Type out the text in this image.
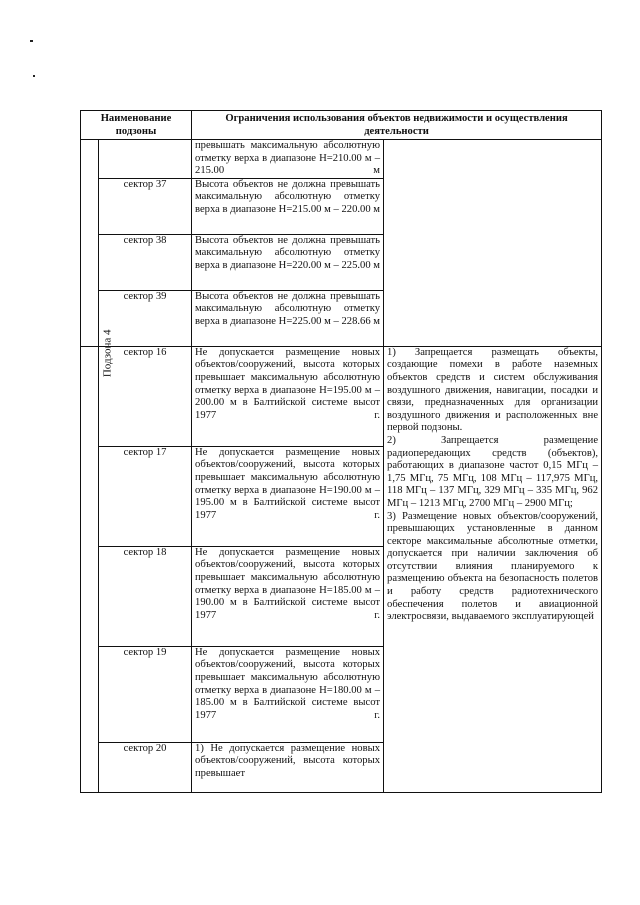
Наименование подзоны		Ограничения использования объектов недвижимости и осуществления деятельности	
		превышать максимальную абсолютную отметку верха в диапазоне Н=210.00 м – 215.00 м	
	сектор 37	Высота объектов не должна превышать максимальную абсолютную отметку верха в диапазоне Н=215.00 м – 220.00 м	
	сектор 38	Высота объектов не должна превышать максимальную абсолютную отметку верха в диапазоне Н=220.00 м – 225.00 м	
	сектор 39	Высота объектов не должна превышать максимальную абсолютную отметку верха в диапазоне Н=225.00 м – 228.66 м	
Подзона 4	сектор 16	Не допускается размещение новых объектов/сооружений, высота которых превышает максимальную абсолютную отметку верха в диапазоне Н=195.00 м – 200.00 м в Балтийской системе высот 1977 г.	1) Запрещается размещать объекты, создающие помехи в работе наземных объектов средств и систем обслуживания воздушного движения, навигации, посадки и связи, предназначенных для организации воздушного движения и расположенных вне первой подзоны.
2) Запрещается размещение радиопередающих средств (объектов), работающих в диапазоне частот 0,15 МГц – 1,75 МГц, 75 МГц, 108 МГц – 117,975 МГц, 118 МГц – 137 МГц, 329 МГц – 335 МГц, 962 МГц – 1213 МГц, 2700 МГц – 2900 МГц;
3) Размещение новых объектов/сооружений, превышающих установленные в данном секторе максимальные абсолютные отметки, допускается при наличии заключения об отсутствии влияния планируемого к размещению объекта на безопасность полетов и работу средств радиотехнического обеспечения полетов и авиационной электросвязи, выдаваемого эксплуатирующей

	сектор 17	Не допускается размещение новых объектов/сооружений, высота которых превышает максимальную абсолютную отметку верха в диапазоне Н=190.00 м – 195.00 м в Балтийской системе высот 1977 г.	
	сектор 18	Не допускается размещение новых объектов/сооружений, высота которых превышает максимальную абсолютную отметку верха в диапазоне Н=185.00 м – 190.00 м в Балтийской системе высот 1977 г.	
	сектор 19	Не допускается размещение новых объектов/сооружений, высота которых превышает максимальную абсолютную отметку верха в диапазоне Н=180.00 м – 185.00 м в Балтийской системе высот 1977 г.	
	сектор 20	1) Не допускается размещение новых объектов/сооружений, высота которых превышает	
